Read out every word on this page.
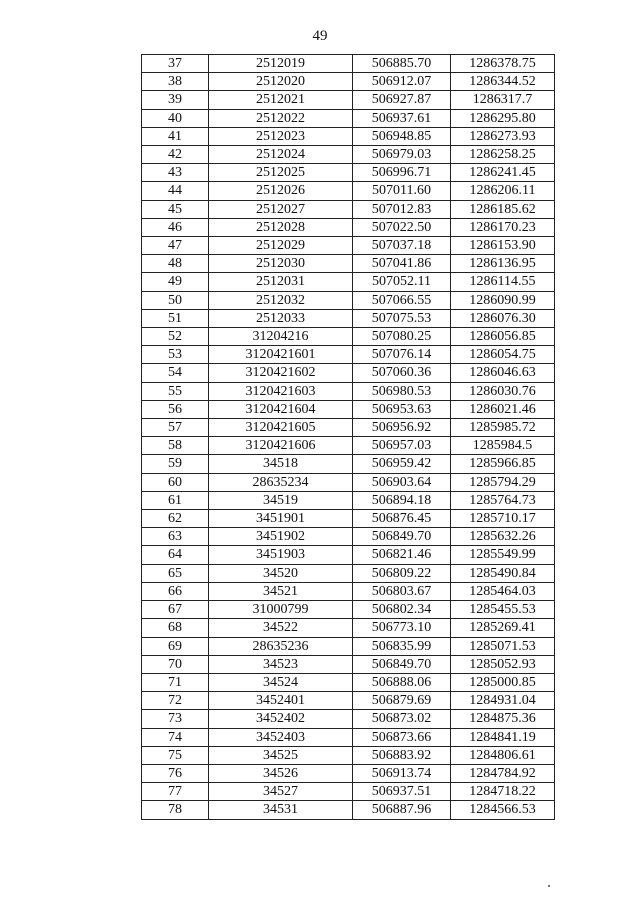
49
37	2512019	506885.70	1286378.75
38	2512020	506912.07	1286344.52
39	2512021	506927.87	1286317.7
40	2512022	506937.61	1286295.80
41	2512023	506948.85	1286273.93
42	2512024	506979.03	1286258.25
43	2512025	506996.71	1286241.45
44	2512026	507011.60	1286206.11
45	2512027	507012.83	1286185.62
46	2512028	507022.50	1286170.23
47	2512029	507037.18	1286153.90
48	2512030	507041.86	1286136.95
49	2512031	507052.11	1286114.55
50	2512032	507066.55	1286090.99
51	2512033	507075.53	1286076.30
52	31204216	507080.25	1286056.85
53	3120421601	507076.14	1286054.75
54	3120421602	507060.36	1286046.63
55	3120421603	506980.53	1286030.76
56	3120421604	506953.63	1286021.46
57	3120421605	506956.92	1285985.72
58	3120421606	506957.03	1285984.5
59	34518	506959.42	1285966.85
60	28635234	506903.64	1285794.29
61	34519	506894.18	1285764.73
62	3451901	506876.45	1285710.17
63	3451902	506849.70	1285632.26
64	3451903	506821.46	1285549.99
65	34520	506809.22	1285490.84
66	34521	506803.67	1285464.03
67	31000799	506802.34	1285455.53
68	34522	506773.10	1285269.41
69	28635236	506835.99	1285071.53
70	34523	506849.70	1285052.93
71	34524	506888.06	1285000.85
72	3452401	506879.69	1284931.04
73	3452402	506873.02	1284875.36
74	3452403	506873.66	1284841.19
75	34525	506883.92	1284806.61
76	34526	506913.74	1284784.92
77	34527	506937.51	1284718.22
78	34531	506887.96	1284566.53
